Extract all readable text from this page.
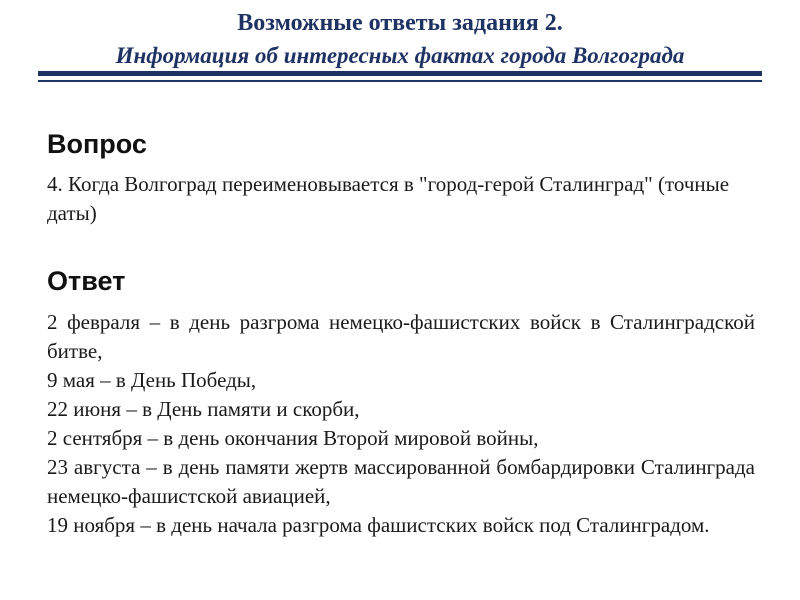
Возможные ответы задания 2.
Информация об интересных фактах города Волгограда
Вопрос
4. Когда Волгоград переименовывается в "город-герой Сталинград" (точные даты)
Ответ
2 февраля – в день разгрома немецко-фашистских войск в Сталинградской битве,
9 мая – в День Победы,
22 июня – в День памяти и скорби,
2 сентября – в день окончания Второй мировой войны,
23 августа – в день памяти жертв массированной бомбардировки Сталинграда немецко-фашистской авиацией,
19 ноября – в день начала разгрома фашистских войск под Сталинградом.
